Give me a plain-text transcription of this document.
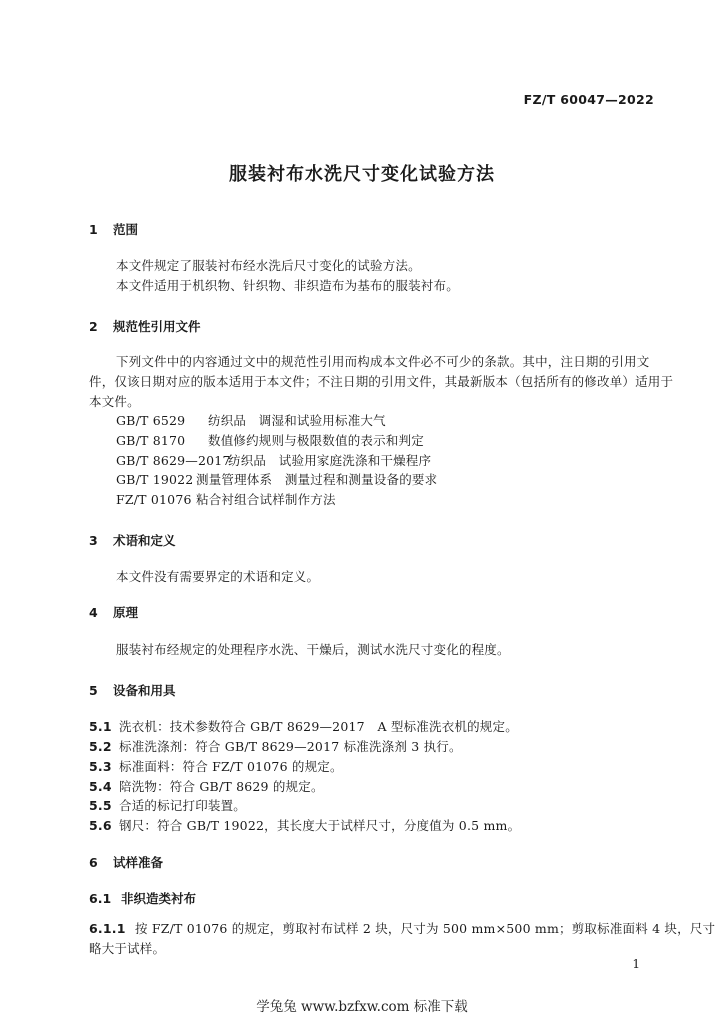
FZ/T 60047—2022
服装衬布水洗尺寸变化试验方法
1 范围
本文件规定了服装衬布经水洗后尺寸变化的试验方法。
本文件适用于机织物、针织物、非织造布为基布的服装衬布。
2 规范性引用文件
下列文件中的内容通过文中的规范性引用而构成本文件必不可少的条款。其中，注日期的引用文
件，仅该日期对应的版本适用于本文件；不注日期的引用文件，其最新版本（包括所有的修改单）适用于
本文件。
GB/T 6529 纺织品　调湿和试验用标准大气
GB/T 8170 数值修约规则与极限数值的表示和判定
GB/T 8629—2017纺织品　试验用家庭洗涤和干燥程序
GB/T 19022 测量管理体系　测量过程和测量设备的要求
FZ/T 01076 粘合衬组合试样制作方法
3 术语和定义
本文件没有需要界定的术语和定义。
4 原理
服装衬布经规定的处理程序水洗、干燥后，测试水洗尺寸变化的程度。
5 设备和用具
5.1 洗衣机：技术参数符合 GB/T 8629—2017　A 型标准洗衣机的规定。
5.2 标准洗涤剂：符合 GB/T 8629—2017 标准洗涤剂 3 执行。
5.3 标准面料：符合 FZ/T 01076 的规定。
5.4 陪洗物：符合 GB/T 8629 的规定。
5.5 合适的标记打印装置。
5.6 钢尺：符合 GB/T 19022，其长度大于试样尺寸，分度值为 0.5 mm。
6 试样准备
6.1 非织造类衬布
6.1.1 按 FZ/T 01076 的规定，剪取衬布试样 2 块，尺寸为 500 mm×500 mm；剪取标准面料 4 块，尺寸
略大于试样。
1
学兔兔 www.bzfxw.com 标准下载
